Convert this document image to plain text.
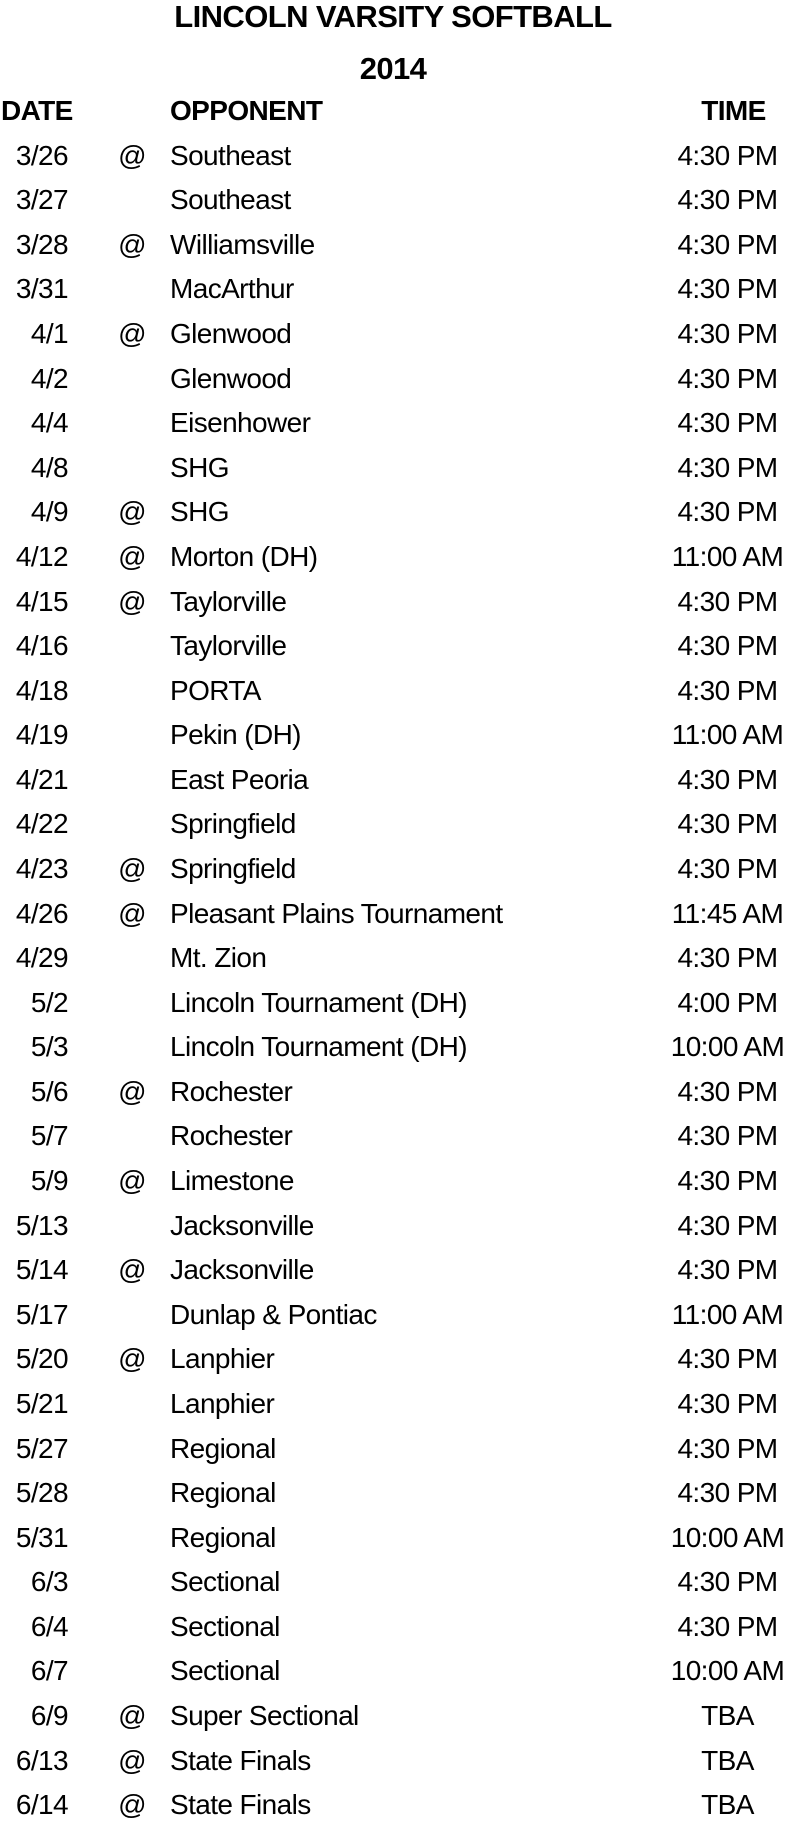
LINCOLN VARSITY SOFTBALL
2014
DATE	OPPONENT	TIME
3/26	@ Southeast	4:30 PM
3/27	Southeast	4:30 PM
3/28	@ Williamsville	4:30 PM
3/31	MacArthur	4:30 PM
4/1	@ Glenwood	4:30 PM
4/2	Glenwood	4:30 PM
4/4	Eisenhower	4:30 PM
4/8	SHG	4:30 PM
4/9	@ SHG	4:30 PM
4/12	@ Morton (DH)	11:00 AM
4/15	@ Taylorville	4:30 PM
4/16	Taylorville	4:30 PM
4/18	PORTA	4:30 PM
4/19	Pekin (DH)	11:00 AM
4/21	East Peoria	4:30 PM
4/22	Springfield	4:30 PM
4/23	@ Springfield	4:30 PM
4/26	@ Pleasant Plains Tournament	11:45 AM
4/29	Mt. Zion	4:30 PM
5/2	Lincoln Tournament (DH)	4:00 PM
5/3	Lincoln Tournament (DH)	10:00 AM
5/6	@ Rochester	4:30 PM
5/7	Rochester	4:30 PM
5/9	@ Limestone	4:30 PM
5/13	Jacksonville	4:30 PM
5/14	@ Jacksonville	4:30 PM
5/17	Dunlap & Pontiac	11:00 AM
5/20	@ Lanphier	4:30 PM
5/21	Lanphier	4:30 PM
5/27	Regional	4:30 PM
5/28	Regional	4:30 PM
5/31	Regional	10:00 AM
6/3	Sectional	4:30 PM
6/4	Sectional	4:30 PM
6/7	Sectional	10:00 AM
6/9	@ Super Sectional	TBA
6/13	@ State Finals	TBA
6/14	@ State Finals	TBA
